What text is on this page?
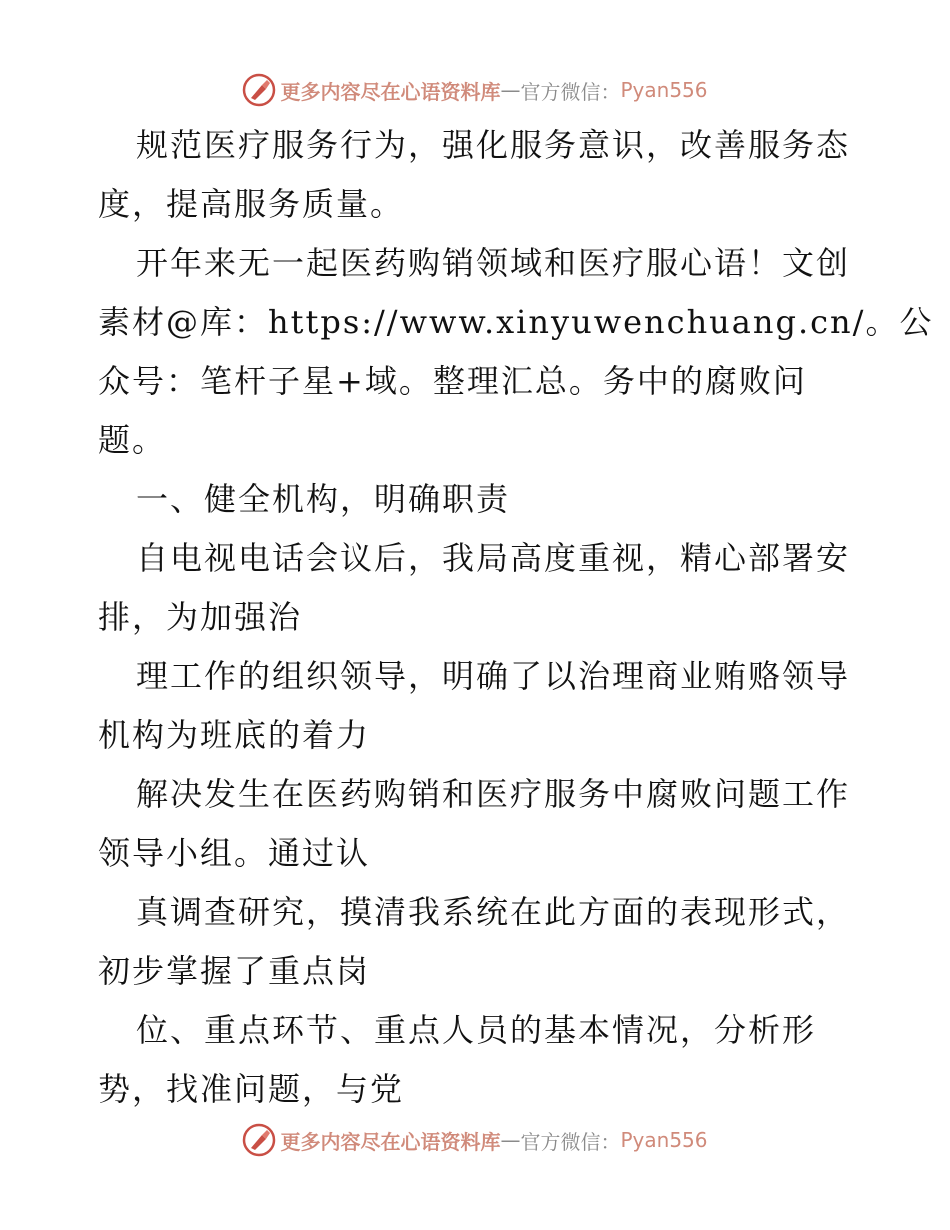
更多内容尽在心语资料库 — 官方微信： Pyan556

规范医疗服务行为，强化服务意识，改善服务态

度，提高服务质量。

开年来无一起医药购销领域和医疗服心语！文创

素材@库：https://www.xinyuwenchuang.cn/。公

众号：笔杆子星+域。整理汇总。务中的腐败问

题。

一、健全机构，明确职责

自电视电话会议后，我局高度重视，精心部署安

排，为加强治

理工作的组织领导，明确了以治理商业贿赂领导

机构为班底的着力

解决发生在医药购销和医疗服务中腐败问题工作

领导小组。通过认

真调查研究，摸清我系统在此方面的表现形式，

初步掌握了重点岗

位、重点环节、重点人员的基本情况，分析形

势，找准问题，与党

更多内容尽在心语资料库 — 官方微信： Pyan556
